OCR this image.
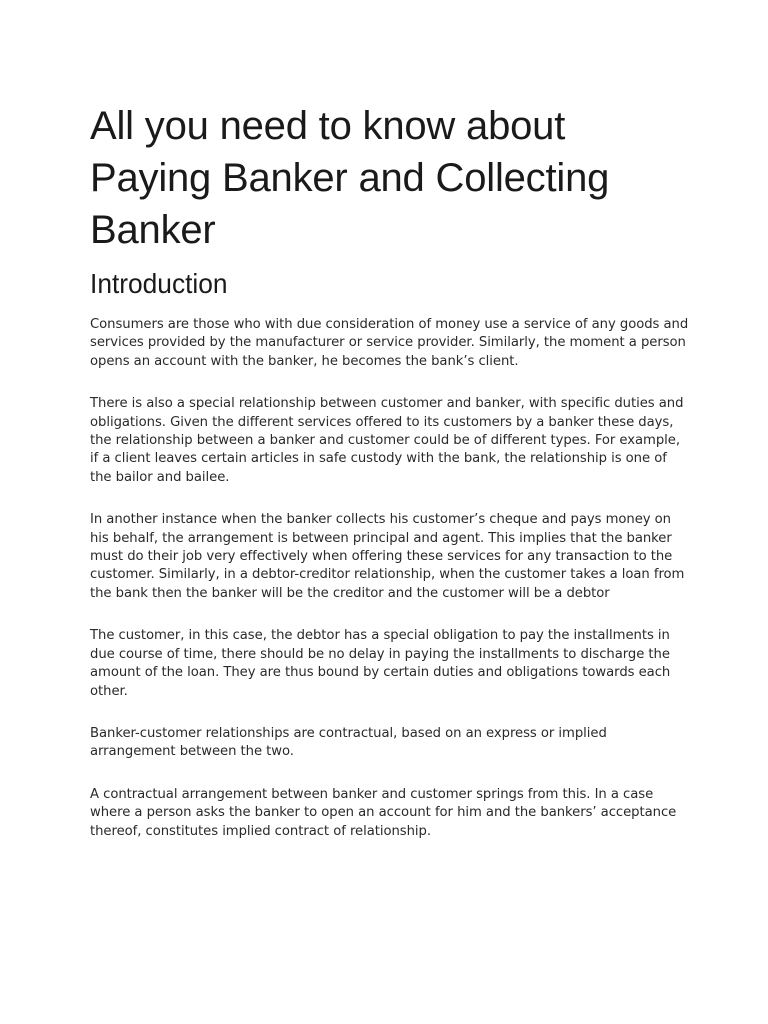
All you need to know about Paying Banker and Collecting Banker
Introduction

Consumers are those who with due consideration of money use a service of any goods and services provided by the manufacturer or service provider. Similarly, the moment a person opens an account with the banker, he becomes the bank’s client.

There is also a special relationship between customer and banker, with specific duties and obligations. Given the different services offered to its customers by a banker these days, the relationship between a banker and customer could be of different types. For example, if a client leaves certain articles in safe custody with the bank, the relationship is one of the bailor and bailee.

In another instance when the banker collects his customer’s cheque and pays money on his behalf, the arrangement is between principal and agent. This implies that the banker must do their job very effectively when offering these services for any transaction to the customer. Similarly, in a debtor-creditor relationship, when the customer takes a loan from the bank then the banker will be the creditor and the customer will be a debtor

The customer, in this case, the debtor has a special obligation to pay the installments in due course of time, there should be no delay in paying the installments to discharge the amount of the loan. They are thus bound by certain duties and obligations towards each other.

Banker-customer relationships are contractual, based on an express or implied arrangement between the two.

A contractual arrangement between banker and customer springs from this. In a case where a person asks the banker to open an account for him and the bankers’ acceptance thereof, constitutes implied contract of relationship.
